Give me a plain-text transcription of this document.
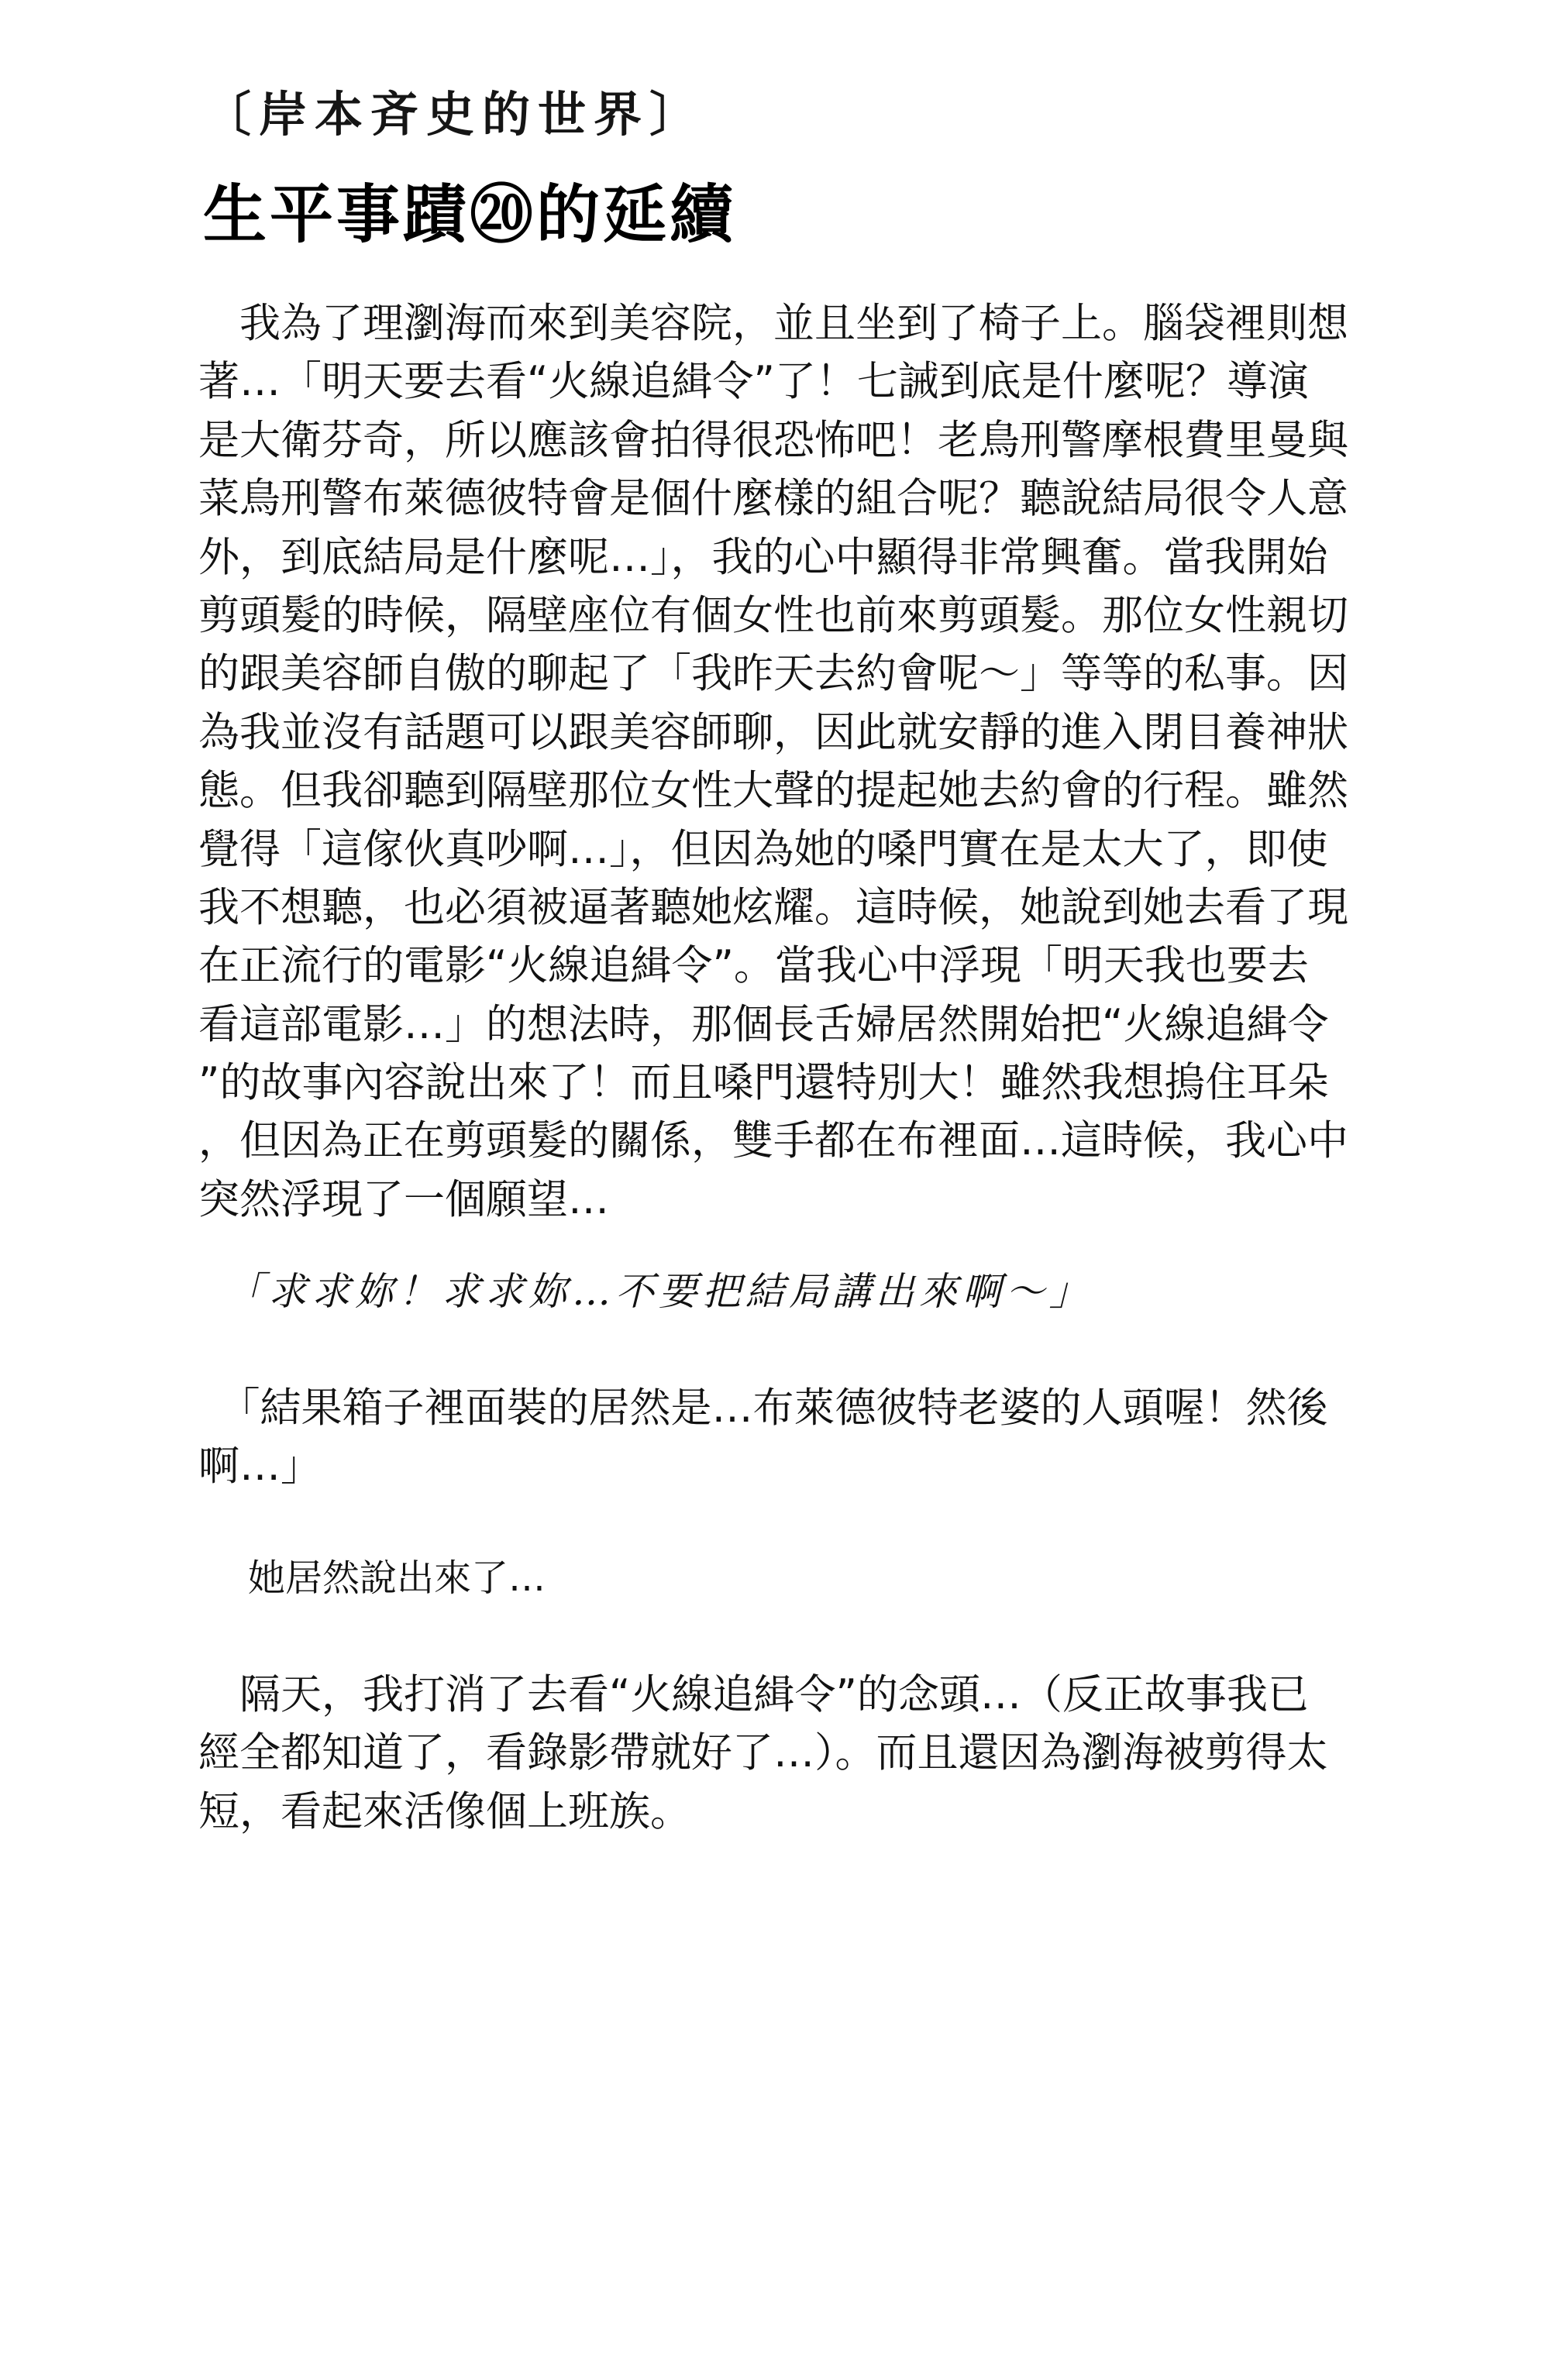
〔岸本斉史的世界〕
生平事蹟⑳的延續
　我為了理瀏海而來到美容院，並且坐到了椅子上。腦袋裡則想
著…「明天要去看“火線追緝令”了！七誡到底是什麼呢？導演
是大衛芬奇，所以應該會拍得很恐怖吧！老鳥刑警摩根費里曼與
菜鳥刑警布萊德彼特會是個什麼樣的組合呢？聽說結局很令人意
外，到底結局是什麼呢…」，我的心中顯得非常興奮。當我開始
剪頭髮的時候，隔壁座位有個女性也前來剪頭髮。那位女性親切
的跟美容師自傲的聊起了「我昨天去約會呢～」等等的私事。因
為我並沒有話題可以跟美容師聊，因此就安靜的進入閉目養神狀
態。但我卻聽到隔壁那位女性大聲的提起她去約會的行程。雖然
覺得「這傢伙真吵啊…」，但因為她的嗓門實在是太大了，即使
我不想聽，也必須被逼著聽她炫耀。這時候，她說到她去看了現
在正流行的電影“火線追緝令”。當我心中浮現「明天我也要去
看這部電影…」的想法時，那個長舌婦居然開始把“火線追緝令
”的故事內容說出來了！而且嗓門還特別大！雖然我想摀住耳朵
，但因為正在剪頭髮的關係，雙手都在布裡面…這時候，我心中
突然浮現了一個願望…
「求求妳！求求妳…不要把結局講出來啊～」
　「結果箱子裡面裝的居然是…布萊德彼特老婆的人頭喔！然後
啊…」
她居然說出來了…
　隔天，我打消了去看“火線追緝令”的念頭…（反正故事我已
經全都知道了，看錄影帶就好了…）。而且還因為瀏海被剪得太
短，看起來活像個上班族。
